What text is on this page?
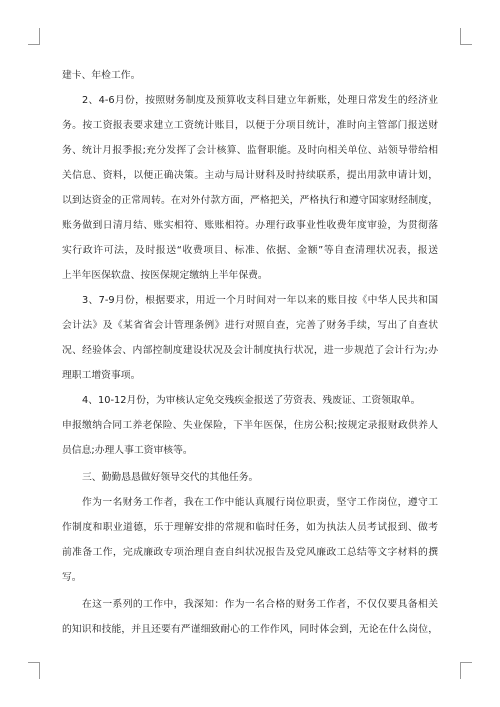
建卡、年检工作。
2、4-6月份，按照财务制度及预算收支科目建立年新账，处理日常发生的经济业
务。按工资报表要求建立工资统计账目，以便于分项目统计，准时向主管部门报送财
务、统计月报季报;充分发挥了会计核算、监督职能。及时向相关单位、站领导带给相
关信息、资料，以便正确决策。主动与局计财科及时持续联系，提出用款申请计划，
以到达资金的正常周转。在对外付款方面，严格把关，严格执行和遵守国家财经制度，
账务做到日清月结、账实相符、账账相符。办理行政事业性收费年度审验，为贯彻落
实行政许可法，及时报送“收费项目、标准、依据、金额”等自查清理状况表，报送
上半年医保软盘、按医保规定缴纳上半年保费。
3、7-9月份，根据要求，用近一个月时间对一年以来的账目按《中华人民共和国
会计法》及《某省省会计管理条例》进行对照自查，完善了财务手续，写出了自查状
况、经验体会、内部控制度建设状况及会计制度执行状况，进一步规范了会计行为;办
理职工增资事项。
4、10-12月份，为审核认定免交残疾金报送了劳资表、残废证、工资领取单。
申报缴纳合同工养老保险、失业保险，下半年医保，住房公积;按规定录报财政供养人
员信息;办理人事工资审核等。
三、勤勤恳恳做好领导交代的其他任务。
作为一名财务工作者，我在工作中能认真履行岗位职责，坚守工作岗位，遵守工
作制度和职业道德，乐于理解安排的常规和临时任务，如为执法人员考试报到、做考
前准备工作，完成廉政专项治理自查自纠状况报告及党风廉政工总结等文字材料的撰
写。
在这一系列的工作中，我深知：作为一名合格的财务工作者，不仅仅要具备相关
的知识和技能，并且还要有严谨细致耐心的工作作风，同时体会到，无论在什么岗位，
